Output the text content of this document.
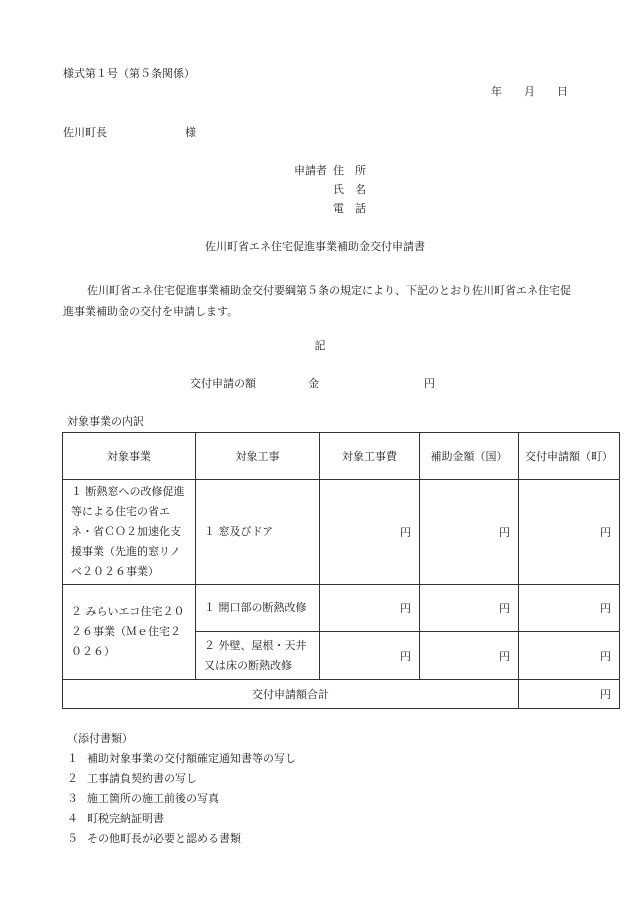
様式第１号（第５条関係）
年 月 日
佐川町長	様
申請者 住　所
氏　名
電　話
佐川町省エネ住宅促進事業補助金交付申請書
佐川町省エネ住宅促進事業補助金交付要綱第５条の規定により、下記のとおり佐川町省エネ住宅促進事業補助金の交付を申請します。
記
交付申請の額	金	円
対象事業の内訳
対象事業	対象工事	対象工事費	補助金額（国）	交付申請額（町）
１ 断熱窓への改修促進等による住宅の省エネ・省ＣＯ２加速化支援事業（先進的窓リノベ２０２６事業）	１ 窓及びドア	円	円	円
２ みらいエコ住宅２０２６事業（Ｍｅ住宅２０２６）	１ 開口部の断熱改修	円	円	円
	２ 外壁、屋根・天井又は床の断熱改修	円	円	円
交付申請額合計				円
（添付書類）
１ 補助対象事業の交付額確定通知書等の写し
２ 工事請負契約書の写し
３ 施工箇所の施工前後の写真
４ 町税完納証明書
５ その他町長が必要と認める書類
